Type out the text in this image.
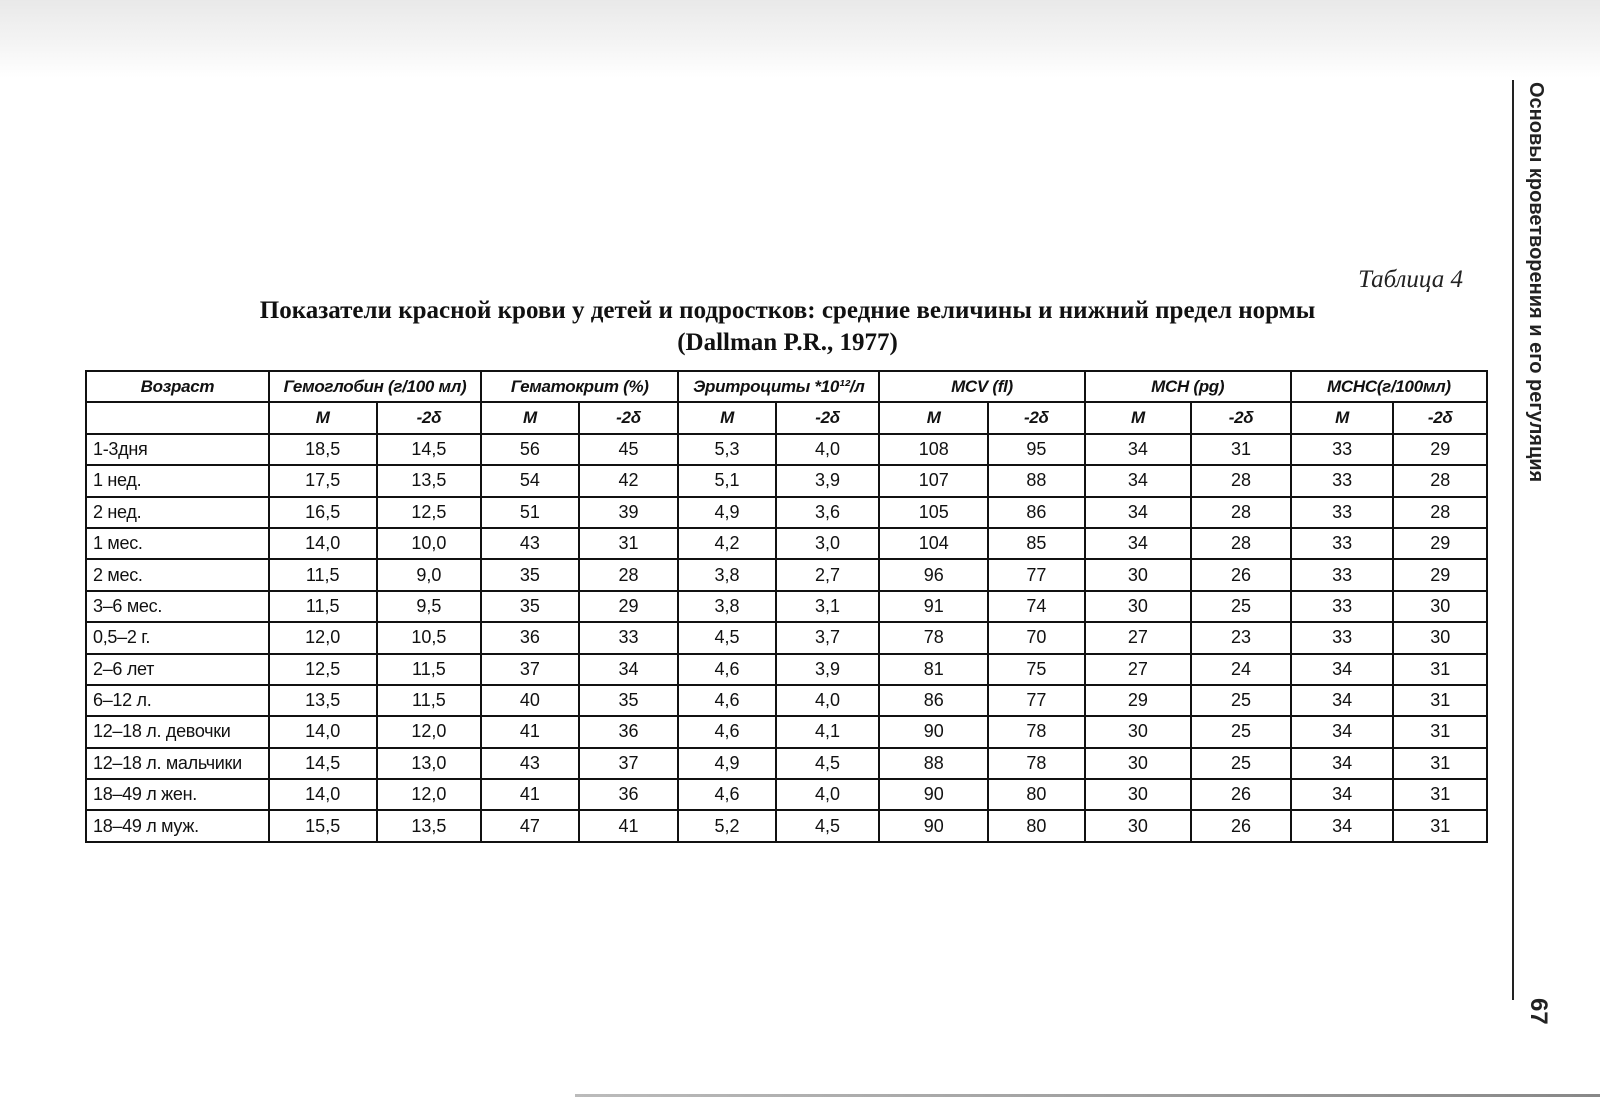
Таблица 4

Показатели красной крови у детей и подростков: средние величины и нижний предел нормы

(Dallman P.R., 1977)

Возраст	Гемоглобин (г/100 мл)		Гематокрит (%)		Эритроциты *10¹²/л		MCV (fl)		MCH (pg)		MCHC(г/100мл)	
	M	-2δ	M	-2δ	M	-2δ	M	-2δ	M	-2δ	M	-2δ
1-3дня	18,5	14,5	56	45	5,3	4,0	108	95	34	31	33	29
1 нед.	17,5	13,5	54	42	5,1	3,9	107	88	34	28	33	28
2 нед.	16,5	12,5	51	39	4,9	3,6	105	86	34	28	33	28
1 мес.	14,0	10,0	43	31	4,2	3,0	104	85	34	28	33	29
2 мес.	11,5	9,0	35	28	3,8	2,7	96	77	30	26	33	29
3–6 мес.	11,5	9,5	35	29	3,8	3,1	91	74	30	25	33	30
0,5–2 г.	12,0	10,5	36	33	4,5	3,7	78	70	27	23	33	30
2–6 лет	12,5	11,5	37	34	4,6	3,9	81	75	27	24	34	31
6–12 л.	13,5	11,5	40	35	4,6	4,0	86	77	29	25	34	31
12–18 л. девочки	14,0	12,0	41	36	4,6	4,1	90	78	30	25	34	31
12–18 л. мальчики	14,5	13,0	43	37	4,9	4,5	88	78	30	25	34	31
18–49 л жен.	14,0	12,0	41	36	4,6	4,0	90	80	30	26	34	31
18–49 л муж.	15,5	13,5	47	41	5,2	4,5	90	80	30	26	34	31
Основы кроветворения и его регуляция
67
